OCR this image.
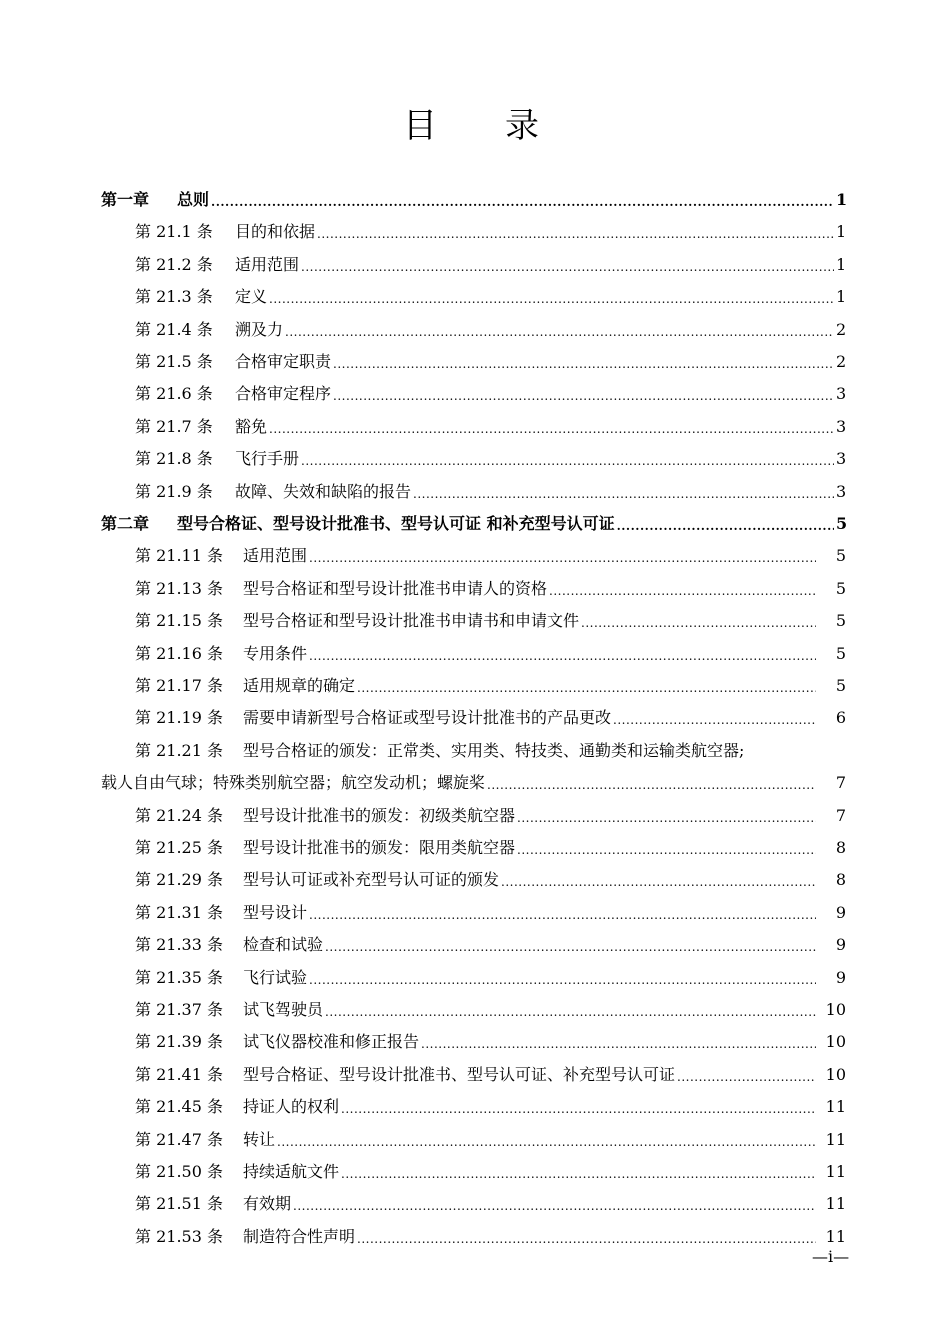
目 录
第一章	总则 .....	1
第 21.1 条	目的和依据 .....	1
第 21.2 条	适用范围 .....	1
第 21.3 条	定义 .....	1
第 21.4 条	溯及力 .....	2
第 21.5 条	合格审定职责 .....	2
第 21.6 条	合格审定程序 .....	3
第 21.7 条	豁免 .....	3
第 21.8 条	飞行手册 .....	3
第 21.9 条	故障、失效和缺陷的报告 .....	3
第二章	型号合格证、型号设计批准书、型号认可证 和补充型号认可证 .....	5
第 21.11 条	适用范围 .....	5
第 21.13 条	型号合格证和型号设计批准书申请人的资格 .....	5
第 21.15 条	型号合格证和型号设计批准书申请书和申请文件 .....	5
第 21.16 条	专用条件 .....	5
第 21.17 条	适用规章的确定 .....	5
第 21.19 条	需要申请新型号合格证或型号设计批准书的产品更改 .....	6
第 21.21 条	型号合格证的颁发：正常类、实用类、特技类、通勤类和运输类航空器;
载人自由气球；特殊类别航空器；航空发动机；螺旋桨 .....	7
第 21.24 条	型号设计批准书的颁发：初级类航空器 .....	7
第 21.25 条	型号设计批准书的颁发：限用类航空器 .....	8
第 21.29 条	型号认可证或补充型号认可证的颁发 .....	8
第 21.31 条	型号设计 .....	9
第 21.33 条	检查和试验 .....	9
第 21.35 条	飞行试验 .....	9
第 21.37 条	试飞驾驶员 .....	10
第 21.39 条	试飞仪器校准和修正报告 .....	10
第 21.41 条	型号合格证、型号设计批准书、型号认可证、补充型号认可证 .....	10
第 21.45 条	持证人的权利 .....	11
第 21.47 条	转让 .....	11
第 21.50 条	持续适航文件 .....	11
第 21.51 条	有效期 .....	11
第 21.53 条	制造符合性声明 .....	11
—i—
